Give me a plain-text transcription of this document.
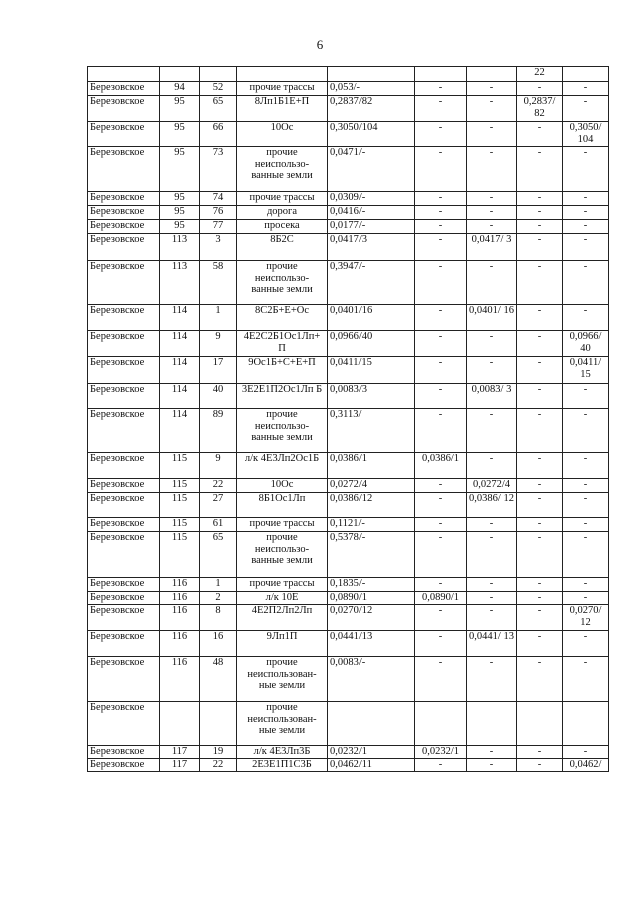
6
							22	
Березовское	94	52	прочие трассы	0,053/-	-	-	-	-
Березовское	95	65	8Лп1Б1Е+П	0,2837/82	-	-	0,2837/ 82	-
Березовское	95	66	10Ос	0,3050/104	-	-	-	0,3050/ 104
Березовское	95	73	прочие неиспользо- ванные земли	0,0471/-	-	-	-	-
Березовское	95	74	прочие трассы	0,0309/-	-	-	-	-
Березовское	95	76	дорога	0,0416/-	-	-	-	-
Березовское	95	77	просека	0,0177/-	-	-	-	-
Березовское	113	3	8Б2С	0,0417/3	-	0,0417/ 3	-	-
Березовское	113	58	прочие неиспользо- ванные земли	0,3947/-	-	-	-	-
Березовское	114	1	8С2Б+Е+Ос	0,0401/16	-	0,0401/ 16	-	-
Березовское	114	9	4Е2С2Б1Ос1Лп+ П	0,0966/40	-	-	-	0,0966/ 40
Березовское	114	17	9Ос1Б+С+Е+П	0,0411/15	-	-	-	0,0411/ 15
Березовское	114	40	3Е2Е1П2Ос1Лп Б	0,0083/3	-	0,0083/ 3	-	-
Березовское	114	89	прочие неиспользо- ванные земли	0,3113/	-	-	-	-
Березовское	115	9	л/к 4Е3Лп2Ос1Б	0,0386/1	0,0386/1	-	-	-
Березовское	115	22	10Ос	0,0272/4	-	0,0272/4	-	-
Березовское	115	27	8Б1Ос1Лп	0,0386/12	-	0,0386/ 12	-	-
Березовское	115	61	прочие трассы	0,1121/-	-	-	-	-
Березовское	115	65	прочие неиспользо- ванные земли	0,5378/-	-	-	-	-
Березовское	116	1	прочие трассы	0,1835/-	-	-	-	-
Березовское	116	2	л/к 10Е	0,0890/1	0,0890/1	-	-	-
Березовское	116	8	4Е2П2Лп2Лп	0,0270/12	-	-	-	0,0270/ 12
Березовское	116	16	9Лп1П	0,0441/13	-	0,0441/ 13	-	-
Березовское	116	48	прочие неиспользован- ные земли	0,0083/-	-	-	-	-
Березовское			прочие неиспользован- ные земли					
Березовское	117	19	л/к 4Е3Лп3Б	0,0232/1	0,0232/1	-	-	-
Березовское	117	22	2Е3Е1П1С3Б	0,0462/11	-	-	-	0,0462/
